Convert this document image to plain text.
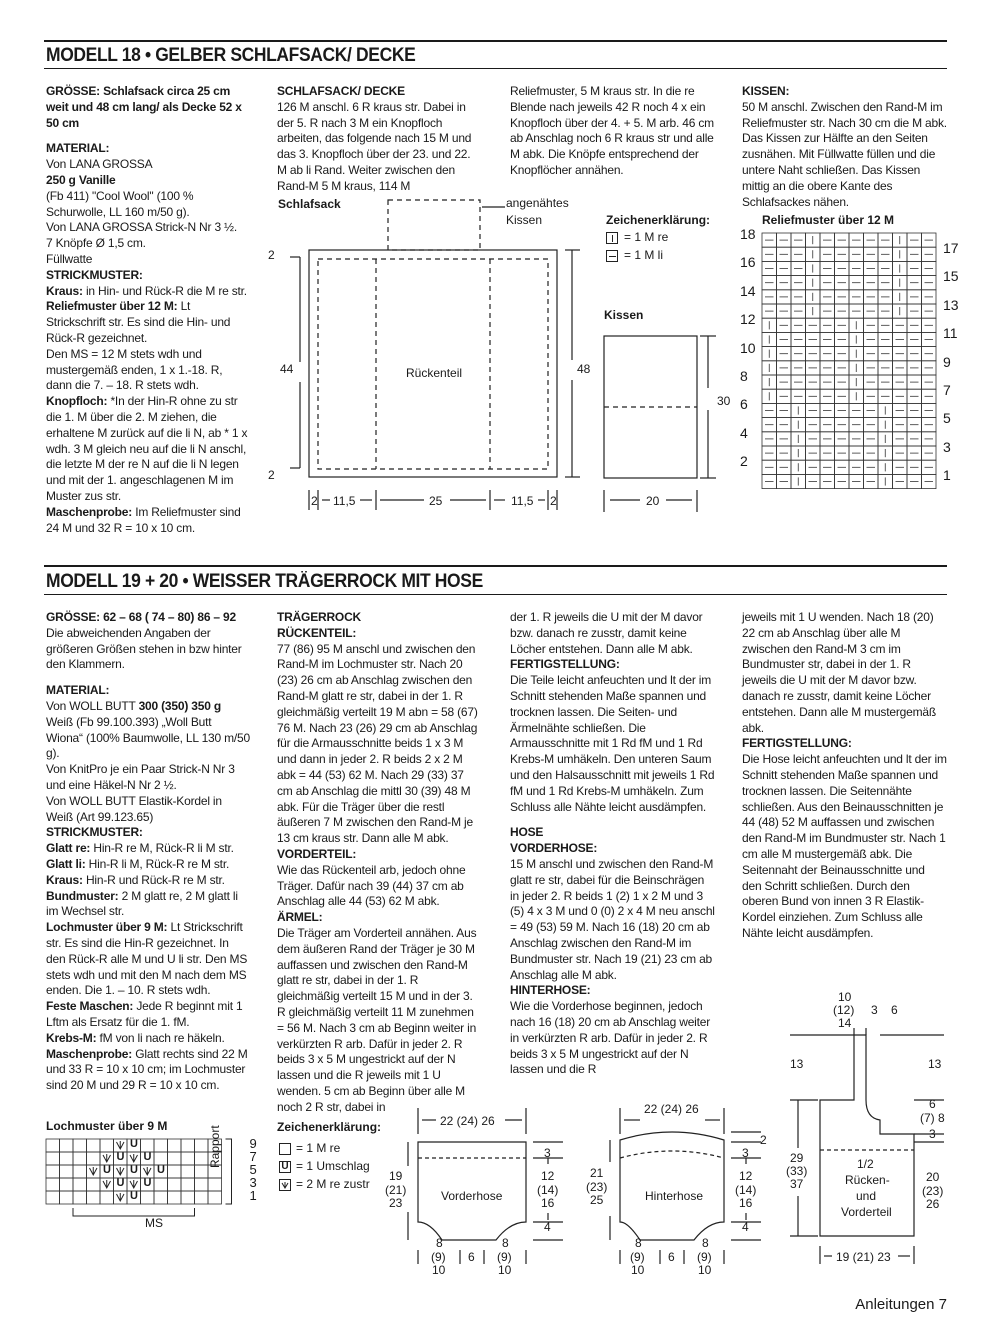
MODELL 18 • GELBER SCHLAFSACK/ DECKE

GRÖSSE: Schlafsack circa 25 cm weit und 48 cm lang/ als Decke 52 x 50 cm

MATERIAL:

Von LANA GROSSA

250 g Vanille

(Fb 411) "Cool Wool" (100 % Schurwolle, LL 160 m/50 g).

Von LANA GROSSA Strick-N Nr 3 ½.

7 Knöpfe Ø 1,5 cm.

Füllwatte

STRICKMUSTER:

Kraus: in Hin- und Rück-R die M re str.

Reliefmuster über 12 M: Lt Strickschrift str. Es sind die Hin- und Rück-R gezeichnet.

Den MS = 12 M stets wdh und mustergemäß enden, 1 x 1.-18. R, dann die 7. – 18. R stets wdh.

Knopfloch: *In der Hin-R ohne zu str die 1. M über die 2. M ziehen, die erhaltene M zurück auf die li N, ab * 1 x wdh. 3 M gleich neu auf die li N anschl, die letzte M der re N auf die li N legen und mit der 1. angeschlagenen M im Muster zus str.

Maschenprobe: Im Reliefmuster sind 24 M und 32 R = 10 x 10 cm.

SCHLAFSACK/ DECKE

126 M anschl. 6 R kraus str. Dabei in der 5. R nach 3 M ein Knopfloch arbeiten, das folgende nach 15 M und das 3. Knopfloch über der 23. und 22. M ab li Rand. Weiter zwischen den Rand-M 5 M kraus, 114 M

Reliefmuster, 5 M kraus str. In die re Blende nach jeweils 42 R noch 4 x ein Knopfloch über der 4. + 5. M arb. 46 cm ab Anschlag noch 6 R kraus str und alle M abk. Die Knöpfe entsprechend der Knopflöcher annähen.

KISSEN:

50 M anschl. Zwischen den Rand-M im Reliefmuster str. Nach 30 cm die M abk. Das Kissen zur Hälfte an den Seiten zusnähen. Mit Füllwatte füllen und die untere Naht schließen. Das Kissen mittig an die obere Kante des Schlafsackes nähen.

Schlafsack	angenähtes
Kissen
2
2
44	Rückenteil	48
Kissen
30
2 11,5	25	11,5 2	20
Zeichenerklärung:
= 1 M re
= 1 M li
Reliefmuster über 12 M
18
16
14
12
10
8
6
4
2
17
15
13
11
9
7
5
3
1
MODELL 19 + 20 • WEISSER TRÄGERROCK MIT HOSE

GRÖSSE: 62 – 68 ( 74 – 80) 86 – 92

Die abweichenden Angaben der größeren Größen stehen in bzw hinter den Klammern.

MATERIAL:

Von WOLL BUTT 300 (350) 350 g Weiß (Fb 99.100.393) „Woll Butt Wiona“ (100% Baumwolle, LL 130 m/50 g).

Von KnitPro je ein Paar Strick-N Nr 3 und eine Häkel-N Nr 2 ½.

Von WOLL BUTT Elastik-Kordel in Weiß (Art 99.123.65)

STRICKMUSTER:

Glatt re: Hin-R re M, Rück-R li M str.

Glatt li: Hin-R li M, Rück-R re M str.

Kraus: Hin-R und Rück-R re M str.

Bundmuster: 2 M glatt re, 2 M glatt li im Wechsel str.

Lochmuster über 9 M: Lt Strickschrift str. Es sind die Hin-R gezeichnet. In den Rück-R alle M und U li str. Den MS stets wdh und mit den M nach dem MS enden. Die 1. – 10. R stets wdh.

Feste Maschen: Jede R beginnt mit 1 Lftm als Ersatz für die 1. fM.

Krebs-M: fM von li nach re häkeln.

Maschenprobe: Glatt rechts sind 22 M und 33 R = 10 x 10 cm; im Lochmuster sind 20 M und 29 R = 10 x 10 cm.

TRÄGERROCK

RÜCKENTEIL:

77 (86) 95 M anschl und zwischen den Rand-M im Lochmuster str. Nach 20 (23) 26 cm ab Anschlag zwischen den Rand-M glatt re str, dabei in der 1. R gleichmäßig verteilt 19 M abn = 58 (67) 76 M. Nach 23 (26) 29 cm ab Anschlag für die Armausschnitte beids 1 x 3 M und dann in jeder 2. R beids 2 x 2 M abk = 44 (53) 62 M. Nach 29 (33) 37 cm ab Anschlag die mittl 30 (39) 48 M abk. Für die Träger über die restl äußeren 7 M zwischen den Rand-M je 13 cm kraus str. Dann alle M abk.

VORDERTEIL:

Wie das Rückenteil arb, jedoch ohne Träger. Dafür nach 39 (44) 37 cm ab Anschlag alle 44 (53) 62 M abk.

ÄRMEL:

Die Träger am Vorderteil annähen. Aus dem äußeren Rand der Träger je 30 M auffassen und zwischen den Rand-M glatt re str, dabei in der 1. R gleichmäßig verteilt 15 M und in der 3. R gleichmäßig verteilt 11 M zunehmen = 56 M. Nach 3 cm ab Beginn weiter in verkürzten R arb. Dafür in jeder 2. R beids 3 x 5 M ungestrickt auf der N lassen und die R jeweils mit 1 U wenden. 5 cm ab Beginn über alle M noch 2 R str, dabei in

der 1. R jeweils die U mit der M davor bzw. danach re zusstr, damit keine Löcher entstehen. Dann alle M abk.

FERTIGSTELLUNG:

Die Teile leicht anfeuchten und lt der im Schnitt stehenden Maße spannen und trocknen lassen. Die Seiten- und Ärmelnähte schließen. Die Armausschnitte mit 1 Rd fM und 1 Rd Krebs-M umhäkeln. Den unteren Saum und den Halsausschnitt mit jeweils 1 Rd fM und 1 Rd Krebs-M umhäkeln. Zum Schluss alle Nähte leicht ausdämpfen.

HOSE

VORDERHOSE:

15 M anschl und zwischen den Rand-M glatt re str, dabei für die Beinschrägen in jeder 2. R beids 1 (2) 1 x 2 M und 3 (5) 4 x 3 M und 0 (0) 2 x 4 M neu anschl = 49 (53) 59 M. Nach 16 (18) 20 cm ab Anschlag zwischen den Rand-M im Bundmuster str. Nach 19 (21) 23 cm ab Anschlag alle M abk.

HINTERHOSE:

Wie die Vorderhose beginnen, jedoch nach 16 (18) 20 cm ab Anschlag weiter in verkürzten R arb. Dafür in jeder 2. R beids 3 x 5 M ungestrickt auf der N lassen und die R

jeweils mit 1 U wenden. Nach 18 (20) 22 cm ab Anschlag über alle M zwischen den Rand-M 3 cm im Bundmuster str, dabei in der 1. R jeweils die U mit der M davor bzw. danach re zusstr, damit keine Löcher entstehen. Dann alle M mustergemäß abk.

FERTIGSTELLUNG:

Die Hose leicht anfeuchten und lt der im Schnitt stehenden Maße spannen und trocknen lassen. Die Seitennähte schließen. Aus den Beinausschnitten je 44 (48) 52 M auffassen und zwischen den Rand-M im Bundmuster str. Nach 1 cm alle M mustergemäß abk. Die Seitennaht der Beinausschnitte und den Schritt schließen. Durch den oberen Bund von innen 3 R Elastik-Kordel einziehen. Zum Schluss alle Nähte leicht ausdämpfen.

Lochmuster über 9 M
U
U U
U U U
U U
U
9
7
5
3
1
Rapport
MS
Zeichenerklärung:
= 1 M re
U = 1 Umschlag
= 2 M re zustr
22 (24) 26
Vorderhose
19
(21)
23
3
12
(14)
16
4
8
(9)
10
6
8
(9)
10
22 (24) 26
Hinterhose
21
(23)
25
2
3
12
(14)
16
4
8
(9)
10
6
8
(9)
10
10
(12)
14
3 6
13	13
6
(7) 8
3
29
(33)
37	20
(23)
26
1/2
Rücken-
und
Vorderteil
19 (21) 23
Anleitungen 7
